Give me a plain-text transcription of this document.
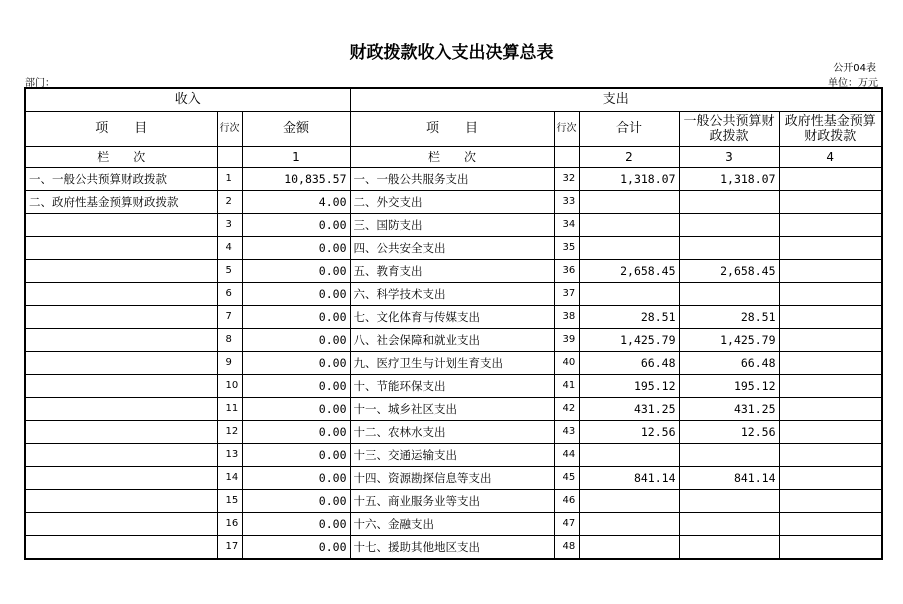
财政拨款收入支出决算总表
公开04表
部门：	单位：万元
收入			支出				
项　　目	行次	金额	项　　目	行次	合计	一般公共预算财政拨款	政府性基金预算财政拨款
栏　　次		1	栏　　次		2	3	4
一、一般公共预算财政拨款	1	10,835.57	一、一般公共服务支出	32	1,318.07	1,318.07	
二、政府性基金预算财政拨款	2	4.00	二、外交支出	33			
	3	0.00	三、国防支出	34			
	4	0.00	四、公共安全支出	35			
	5	0.00	五、教育支出	36	2,658.45	2,658.45	
	6	0.00	六、科学技术支出	37			
	7	0.00	七、文化体育与传媒支出	38	28.51	28.51	
	8	0.00	八、社会保障和就业支出	39	1,425.79	1,425.79	
	9	0.00	九、医疗卫生与计划生育支出	40	66.48	66.48	
	10	0.00	十、节能环保支出	41	195.12	195.12	
	11	0.00	十一、城乡社区支出	42	431.25	431.25	
	12	0.00	十二、农林水支出	43	12.56	12.56	
	13	0.00	十三、交通运输支出	44			
	14	0.00	十四、资源勘探信息等支出	45	841.14	841.14	
	15	0.00	十五、商业服务业等支出	46			
	16	0.00	十六、金融支出	47			
	17	0.00	十七、援助其他地区支出	48			
